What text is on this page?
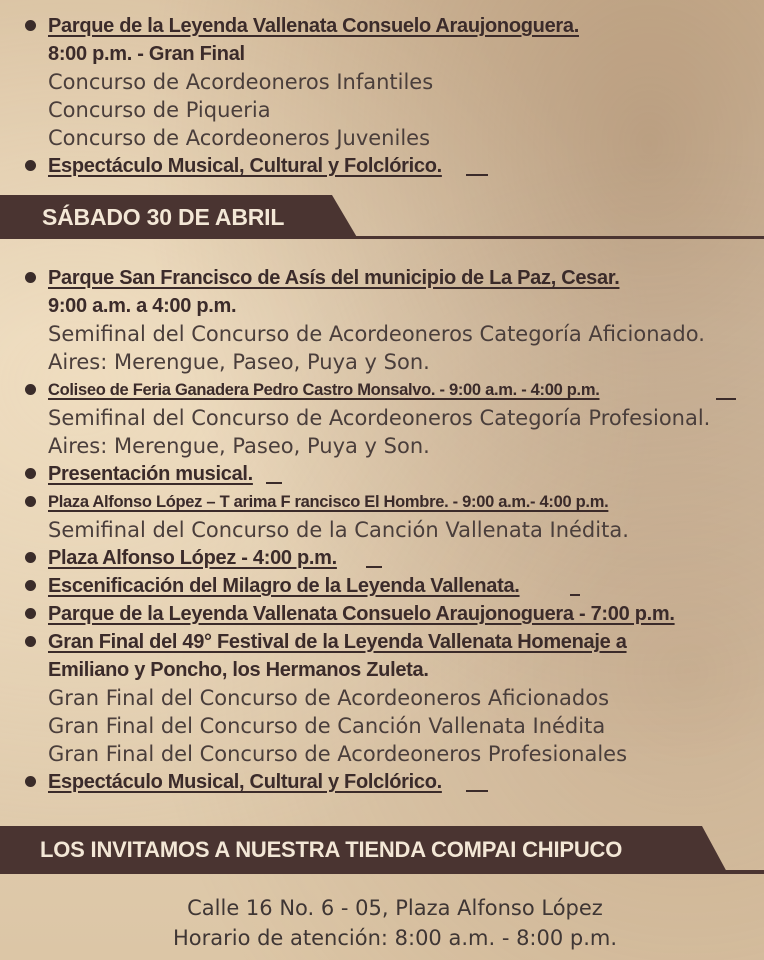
Parque de la Leyenda Vallenata Consuelo Araujonoguera.
8:00 p.m. - Gran Final
Concurso de Acordeoneros Infantiles
Concurso de Piqueria
Concurso de Acordeoneros Juveniles
Espectáculo Musical, Cultural y Folclórico.
SÁBADO 30 DE ABRIL
Parque San Francisco de Asís del municipio de La Paz, Cesar.
9:00 a.m. a 4:00 p.m.
Semifinal del Concurso de Acordeoneros Categoría Aficionado.
Aires: Merengue, Paseo, Puya y Son.
Coliseo de Feria Ganadera Pedro Castro Monsalvo. - 9:00 a.m. - 4:00 p.m.
Semifinal del Concurso de Acordeoneros Categoría Profesional.
Aires: Merengue, Paseo, Puya y Son.
Presentación musical.
Plaza Alfonso López – T arima F rancisco El Hombre. - 9:00 a.m.- 4:00 p.m.
Semifinal del Concurso de la Canción Vallenata Inédita.
Plaza Alfonso López - 4:00 p.m.
Escenificación del Milagro de la Leyenda Vallenata.
Parque de la Leyenda Vallenata Consuelo Araujonoguera - 7:00 p.m.
Gran Final del 49° Festival de la Leyenda Vallenata Homenaje a
Emiliano y Poncho, los Hermanos Zuleta.
Gran Final del Concurso de Acordeoneros Aficionados
Gran Final del Concurso de Canción Vallenata Inédita
Gran Final del Concurso de Acordeoneros Profesionales
Espectáculo Musical, Cultural y Folclórico.
LOS INVITAMOS A NUESTRA TIENDA COMPAI CHIPUCO
Calle 16 No. 6 - 05, Plaza Alfonso López
Horario de atención: 8:00 a.m. - 8:00 p.m.
